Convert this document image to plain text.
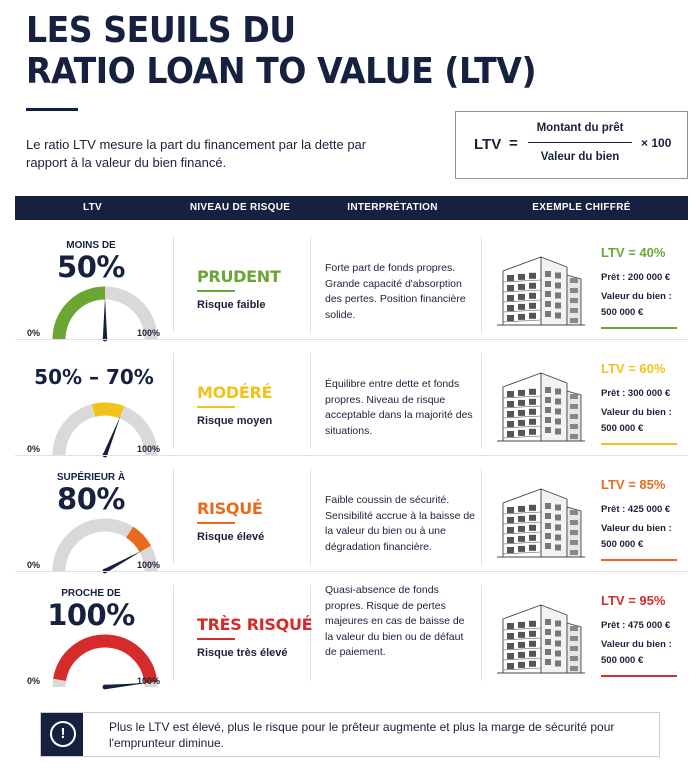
LES SEUILS DU
RATIO LOAN TO VALUE (LTV)

Le ratio LTV mesure la part du financement par la dette par rapport à la valeur du bien financé.

LTV =
Montant du prêt
Valeur du bien
× 100
LTV	NIVEAU DE RISQUE	INTERPRÉTATION	EXEMPLE CHIFFRÉ
MOINS DE
50%
0%	100%
PRUDENT
Risque faible

Forte part de fonds propres. Grande capacité d'absorption des pertes. Position financière solide.

LTV = 40%
Prêt : 200 000 €
Valeur du bien :
500 000 €
50% – 70%
0%	100%
MODÉRÉ
Risque moyen

Équilibre entre dette et fonds propres. Niveau de risque acceptable dans la majorité des situations.

LTV = 60%
Prêt : 300 000 €
Valeur du bien :
500 000 €
SUPÉRIEUR À
80%
0%	100%
RISQUÉ
Risque élevé

Faible coussin de sécurité. Sensibilité accrue à la baisse de la valeur du bien ou à une dégradation financière.

LTV = 85%
Prêt : 425 000 €
Valeur du bien :
500 000 €
PROCHE DE
100%
0%	100%
TRÈS RISQUÉ
Risque très élevé

Quasi-absence de fonds propres. Risque de pertes majeures en cas de baisse de la valeur du bien ou de défaut de paiement.

LTV = 95%
Prêt : 475 000 €
Valeur du bien :
500 000 €
!	Plus le LTV est élevé, plus le risque pour le prêteur augmente et plus la marge de sécurité pour l'emprunteur diminue.
